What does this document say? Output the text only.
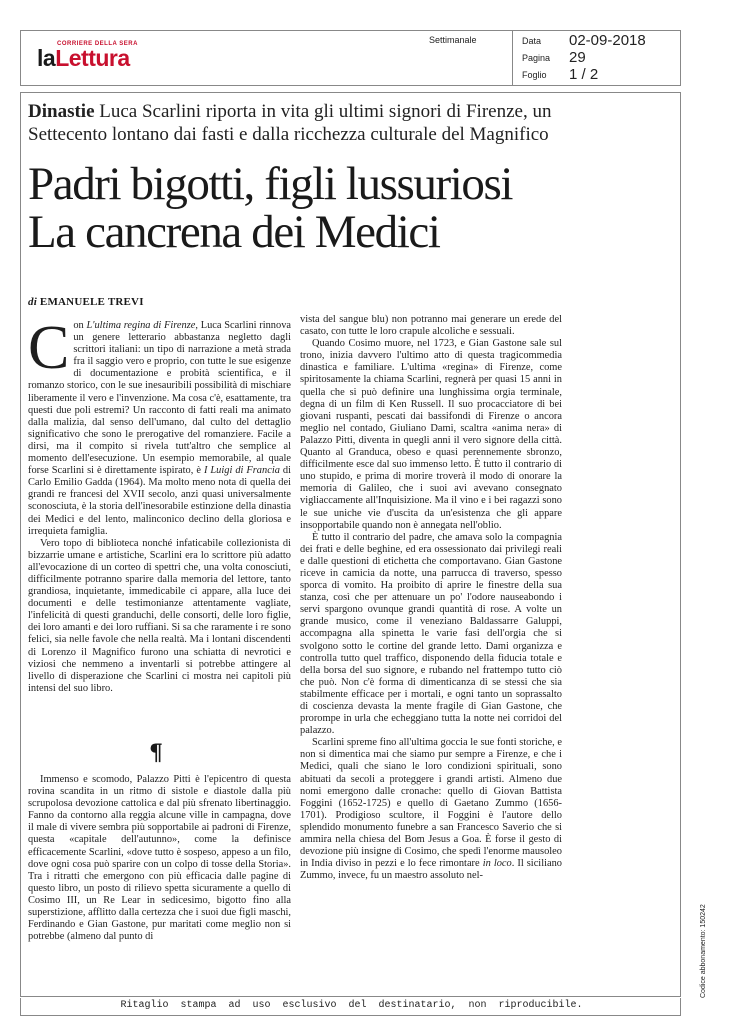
CORRIERE DELLA SERA
laLettura
Settimanale	Data 02-09-2018
Pagina 29
Foglio 1 / 2
Dinastie Luca Scarlini riporta in vita gli ultimi signori di Firenze, un Settecento lontano dai fasti e dalla ricchezza culturale del Magnifico
Padri bigotti, figli lussuriosi
La cancrena dei Medici
di EMANUELE TREVI

Con L'ultima regina di Firenze, Luca Scarlini rinnova un genere letterario abbastanza negletto dagli scrittori italiani: un tipo di narrazione a metà strada fra il saggio vero e proprio, con tutte le sue esigenze di documentazione e probità scientifica, e il romanzo storico, con le sue inesauribili possibilità di mischiare liberamente il vero e l'invenzione. Ma cosa c'è, esattamente, tra questi due poli estremi? Un racconto di fatti reali ma animato dalla malizia, dal senso dell'umano, dal culto del dettaglio significativo che sono le prerogative del romanziere. Facile a dirsi, ma il compito si rivela tutt'altro che semplice al momento dell'esecuzione. Un esempio memorabile, al quale forse Scarlini si è direttamente ispirato, è I Luigi di Francia di Carlo Emilio Gadda (1964). Ma molto meno nota di quella dei grandi re francesi del XVII secolo, anzi quasi universalmente sconosciuta, è la storia dell'inesorabile estinzione della dinastia dei Medici e del lento, malinconico declino della gloriosa e irrequieta famiglia.

Vero topo di biblioteca nonché infaticabile collezionista di bizzarrie umane e artistiche, Scarlini era lo scrittore più adatto all'evocazione di un corteo di spettri che, una volta conosciuti, difficilmente potranno sparire dalla memoria del lettore, tanto grandiosa, inquietante, immedicabile ci appare, alla luce dei documenti e delle testimonianze attentamente vagliate, l'infelicità di questi granduchi, delle consorti, delle loro figlie, dei loro amanti e dei loro ruffiani. Si sa che raramente i re sono felici, sia nelle favole che nella realtà. Ma i lontani discendenti di Lorenzo il Magnifico furono una schiatta di nevrotici e viziosi che nemmeno a inventarli si potrebbe attingere al livello di disperazione che Scarlini ci mostra nei capitoli più intensi del suo libro.

¶

Immenso e scomodo, Palazzo Pitti è l'epicentro di questa rovina scandita in un ritmo di sistole e diastole dalla più scrupolosa devozione cattolica e dal più sfrenato libertinaggio. Fanno da contorno alla reggia alcune ville in campagna, dove il male di vivere sembra più sopportabile ai padroni di Firenze, questa «capitale dell'autunno», come la definisce efficacemente Scarlini, «dove tutto è sospeso, appeso a un filo, dove ogni cosa può sparire con un colpo di tosse della Storia». Tra i ritratti che emergono con più efficacia dalle pagine di questo libro, un posto di rilievo spetta sicuramente a quello di Cosimo III, un Re Lear in sedicesimo, bigotto fino alla superstizione, afflitto dalla certezza che i suoi due figli maschi, Ferdinando e Gian Gastone, pur maritati come meglio non si potrebbe (almeno dal punto di

vista del sangue blu) non potranno mai generare un erede del casato, con tutte le loro crapule alcoliche e sessuali.

Quando Cosimo muore, nel 1723, e Gian Gastone sale sul trono, inizia davvero l'ultimo atto di questa tragicommedia dinastica e familiare. L'ultima «regina» di Firenze, come spiritosamente la chiama Scarlini, regnerà per quasi 15 anni in quella che si può definire una lunghissima orgia terminale, degna di un film di Ken Russell. Il suo procacciatore di bei giovani ruspanti, pescati dai bassifondi di Firenze o ancora meglio nel contado, Giuliano Dami, scaltra «anima nera» di Palazzo Pitti, diventa in quegli anni il vero signore della città. Quanto al Granduca, obeso e quasi perennemente sbronzo, difficilmente esce dal suo immenso letto. È tutto il contrario di uno stupido, e prima di morire troverà il modo di onorare la memoria di Galileo, che i suoi avi avevano consegnato vigliaccamente all'Inquisizione. Ma il vino e i bei ragazzi sono le sue uniche vie d'uscita da un'esistenza che gli appare insopportabile quando non è annegata nell'oblio.

È tutto il contrario del padre, che amava solo la compagnia dei frati e delle beghine, ed era ossessionato dai privilegi reali e dalle questioni di etichetta che comportavano. Gian Gastone riceve in camicia da notte, una parrucca di traverso, spesso sporca di vomito. Ha proibito di aprire le finestre della sua stanza, così che per attenuare un po' l'odore nauseabondo i servi spargono ovunque grandi quantità di rose. A volte un grande musico, come il veneziano Baldassarre Galuppi, accompagna alla spinetta le varie fasi dell'orgia che si svolgono sotto le cortine del grande letto. Dami organizza e controlla tutto quel traffico, disponendo della fiducia totale e della borsa del suo signore, e rubando nel frattempo tutto ciò che può. Non c'è forma di dimenticanza di se stessi che sia stabilmente efficace per i mortali, e ogni tanto un soprassalto di coscienza devasta la mente fragile di Gian Gastone, che prorompe in urla che echeggiano tutta la notte nei corridoi del palazzo.

Scarlini spreme fino all'ultima goccia le sue fonti storiche, e non si dimentica mai che siamo pur sempre a Firenze, e che i Medici, quali che siano le loro condizioni spirituali, sono abituati da secoli a proteggere i grandi artisti. Almeno due nomi emergono dalle cronache: quello di Giovan Battista Foggini (1652-1725) e quello di Gaetano Zummo (1656-1701). Prodigioso scultore, il Foggini è l'autore dello splendido monumento funebre a san Francesco Saverio che si ammira nella chiesa del Bom Jesus a Goa. È forse il gesto di devozione più insigne di Cosimo, che spedì l'enorme mausoleo in India diviso in pezzi e lo fece rimontare in loco. Il siciliano Zummo, invece, fu un maestro assoluto nel-

Ritaglio stampa ad uso esclusivo del destinatario, non riproducibile.
Codice abbonamento: 150242
